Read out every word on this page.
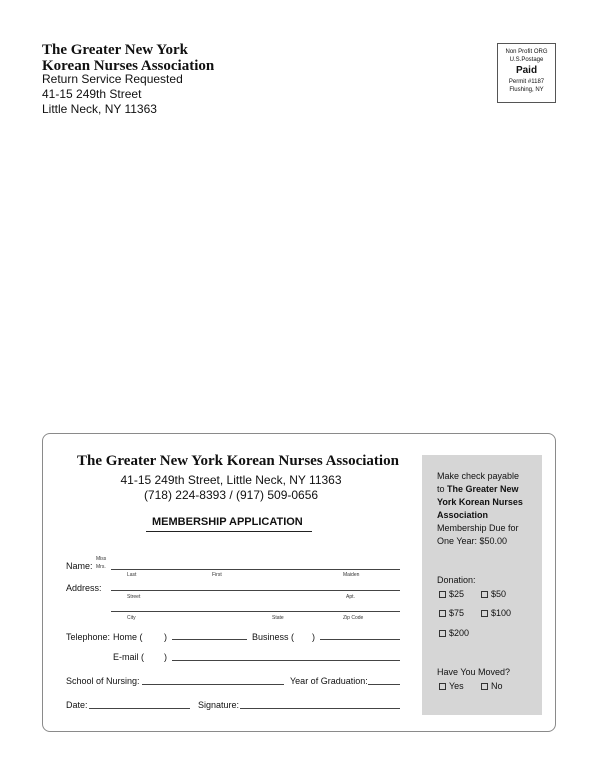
The Greater New York
Korean Nurses Association
Return Service Requested
41-15 249th Street
Little Neck, NY 11363
Non Profit ORG
U.S.Postage
Paid
Permit #1187
Flushing, NY
The Greater New York Korean Nurses Association
41-15 249th Street, Little Neck, NY 11363
(718) 224-8393 / (917) 509-0656
MEMBERSHIP APPLICATION
Name:
Miss
Mrs.
Last	First	Maiden
Address:
Street	Apt.
City	State	Zip Code
Telephone: Home ( )	Business ( )
E-mail ( )
School of Nursing:	Year of Graduation:
Date:	Signature:
Make check payable
to The Greater New
York Korean Nurses
Association
Membership Due for
One Year: $50.00
Donation:
$25	$50
$75	$100
$200
Have You Moved?
Yes	No
